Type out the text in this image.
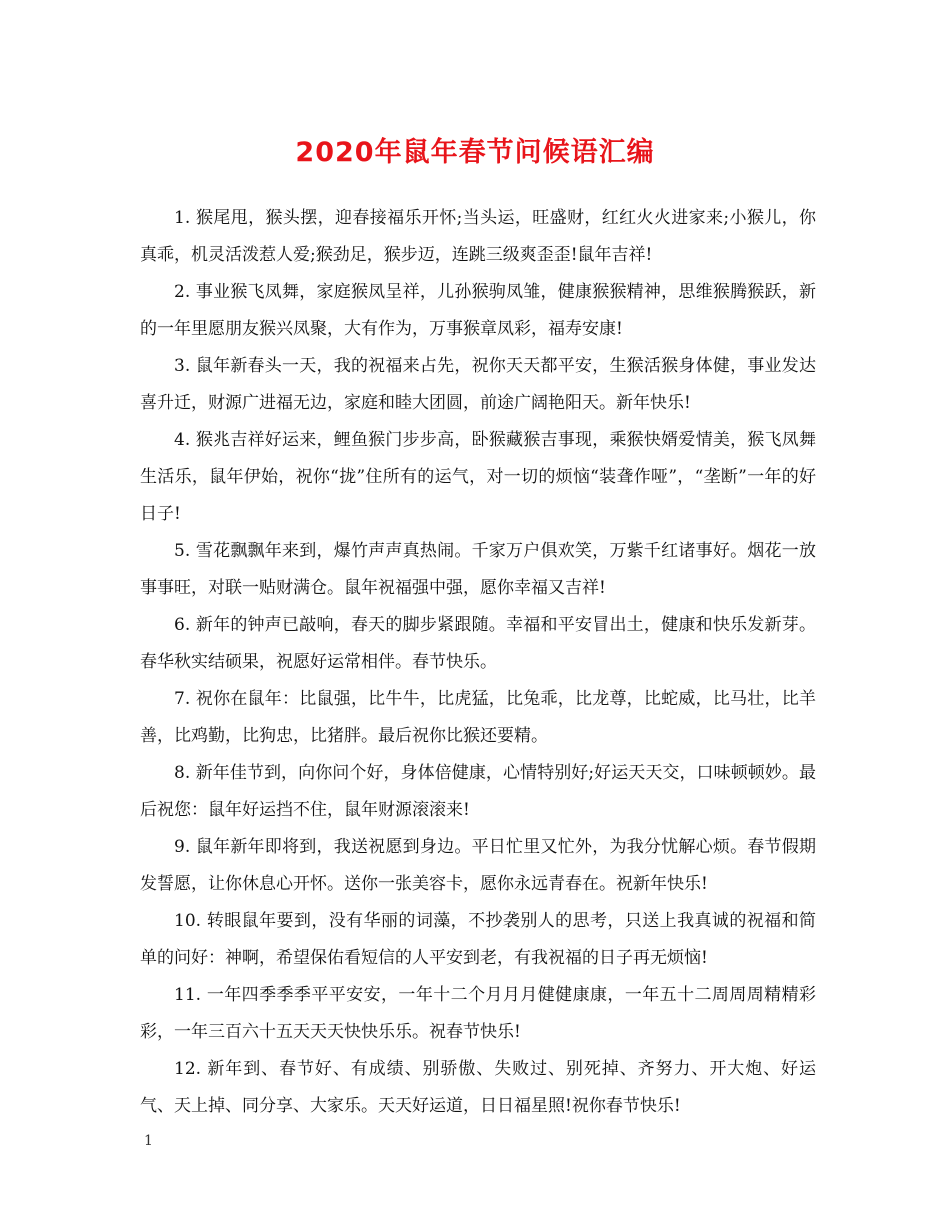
2020年鼠年春节问候语汇编

1. 猴尾甩，猴头摆，迎春接福乐开怀;当头运，旺盛财，红红火火进家来;小猴儿，你真乖，机灵活泼惹人爱;猴劲足，猴步迈，连跳三级爽歪歪!鼠年吉祥!

2. 事业猴飞凤舞，家庭猴凤呈祥，儿孙猴驹凤雏，健康猴猴精神，思维猴腾猴跃，新的一年里愿朋友猴兴凤聚，大有作为，万事猴章凤彩，福寿安康!

3. 鼠年新春头一天，我的祝福来占先，祝你天天都平安，生猴活猴身体健，事业发达喜升迁，财源广进福无边，家庭和睦大团圆，前途广阔艳阳天。新年快乐!

4. 猴兆吉祥好运来，鲤鱼猴门步步高，卧猴藏猴吉事现，乘猴快婿爱情美，猴飞凤舞生活乐，鼠年伊始，祝你“拢”住所有的运气，对一切的烦恼“装聋作哑”，“垄断”一年的好日子!

5. 雪花飘飘年来到，爆竹声声真热闹。千家万户俱欢笑，万紫千红诸事好。烟花一放事事旺，对联一贴财满仓。鼠年祝福强中强，愿你幸福又吉祥!

6. 新年的钟声已敲响，春天的脚步紧跟随。幸福和平安冒出土，健康和快乐发新芽。春华秋实结硕果，祝愿好运常相伴。春节快乐。

7. 祝你在鼠年：比鼠强，比牛牛，比虎猛，比兔乖，比龙尊，比蛇威，比马壮，比羊善，比鸡勤，比狗忠，比猪胖。最后祝你比猴还要精。

8. 新年佳节到，向你问个好，身体倍健康，心情特别好;好运天天交，口味顿顿妙。最后祝您：鼠年好运挡不住，鼠年财源滚滚来!

9. 鼠年新年即将到，我送祝愿到身边。平日忙里又忙外，为我分忧解心烦。春节假期发誓愿，让你休息心开怀。送你一张美容卡，愿你永远青春在。祝新年快乐!

10. 转眼鼠年要到，没有华丽的词藻，不抄袭别人的思考，只送上我真诚的祝福和简单的问好：神啊，希望保佑看短信的人平安到老，有我祝福的日子再无烦恼!

11. 一年四季季季平平安安，一年十二个月月月健健康康，一年五十二周周周精精彩彩，一年三百六十五天天天快快乐乐。祝春节快乐!

12. 新年到、春节好、有成绩、别骄傲、失败过、别死掉、齐努力、开大炮、好运气、天上掉、同分享、大家乐。天天好运道，日日福星照!祝你春节快乐!

1
